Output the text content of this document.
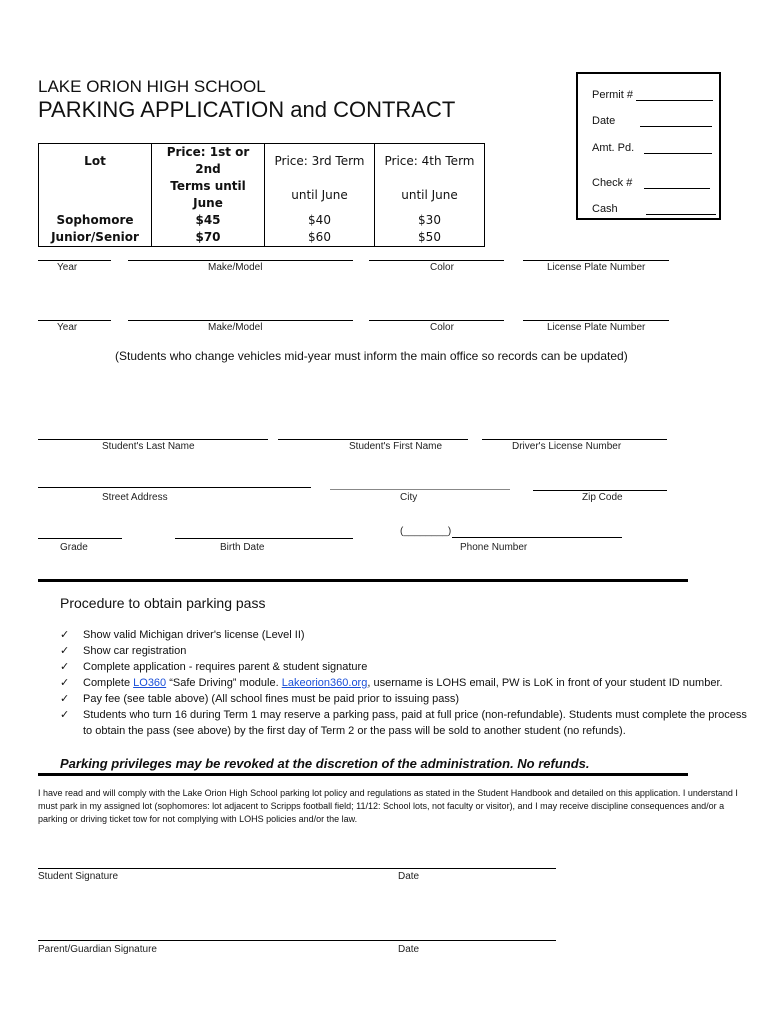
LAKE ORION HIGH SCHOOL
PARKING APPLICATION and CONTRACT
Permit #
Date
Amt. Pd.
Check #
Cash
Lot	Price: 1st or 2nd	Price: 3rd Term	Price: 4th Term
	Terms until June	until June	until June
Sophomore	$45	$40	$30
Junior/Senior	$70	$60	$50
Year	Make/Model	Color	License Plate Number
Year	Make/Model	Color	License Plate Number
(Students who change vehicles mid-year must inform the main office so records can be updated)
Student's Last Name	Student's First Name	Driver's License Number
Street Address	City	Zip Code
(________)
Grade	Birth Date	Phone Number
Procedure to obtain parking pass
✓ Show valid Michigan driver's license (Level II)
✓ Show car registration
✓ Complete application - requires parent & student signature
✓ Complete LO360 “Safe Driving” module. Lakeorion360.org, username is LOHS email, PW is LoK in front of your student ID number.
✓ Pay fee (see table above) (All school fines must be paid prior to issuing pass)
✓ Students who turn 16 during Term 1 may reserve a parking pass, paid at full price (non-refundable). Students must complete the process to obtain the pass (see above) by the first day of Term 2 or the pass will be sold to another student (no refunds).
Parking privileges may be revoked at the discretion of the administration. No refunds.
I have read and will comply with the Lake Orion High School parking lot policy and regulations as stated in the Student Handbook and detailed on this application. I understand I must park in my assigned lot (sophomores: lot adjacent to Scripps football field; 11/12: School lots, not faculty or visitor), and I may receive discipline consequences and/or a parking or driving ticket tow for not complying with LOHS policies and/or the law.
Student Signature	Date
Parent/Guardian Signature	Date
